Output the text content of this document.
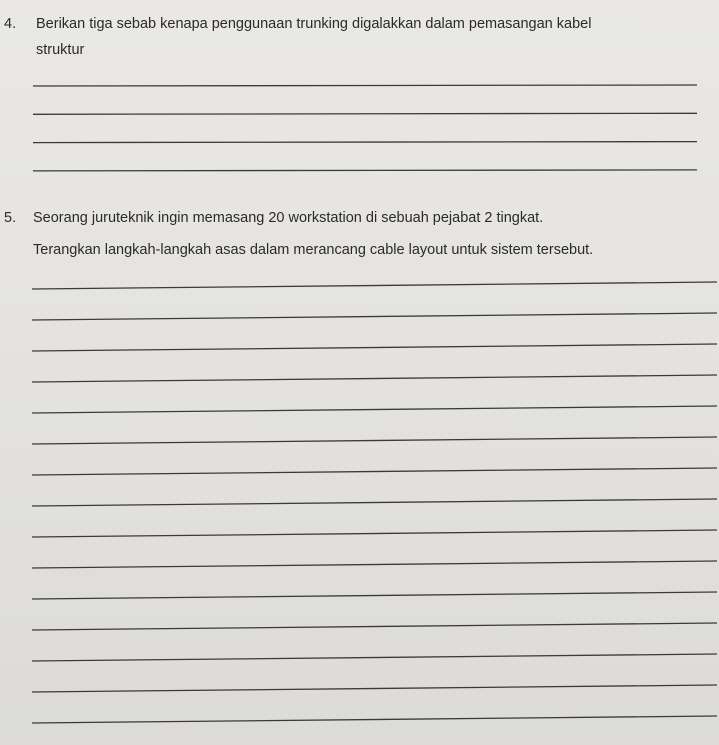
4. Berikan tiga sebab kenapa penggunaan trunking digalakkan dalam pemasangan kabel
struktur
5. Seorang juruteknik ingin memasang 20 workstation di sebuah pejabat 2 tingkat.
Terangkan langkah-langkah asas dalam merancang cable layout untuk sistem tersebut.
